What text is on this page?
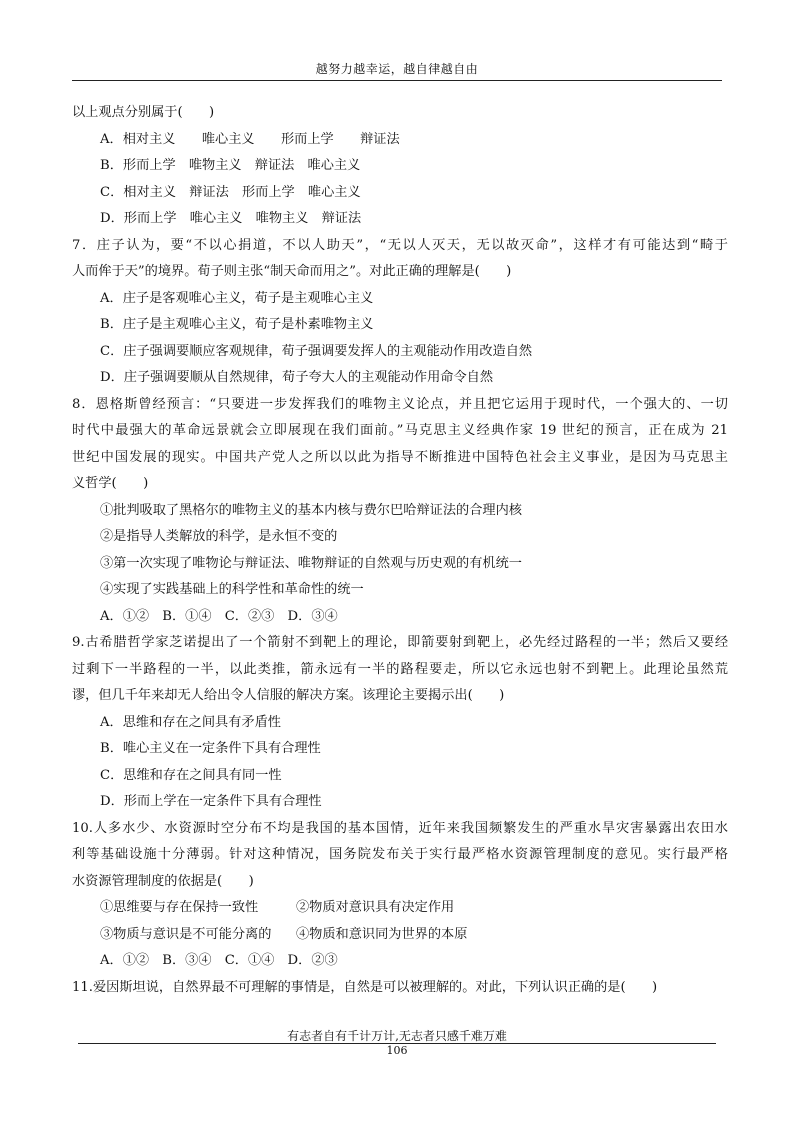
越努力越幸运，越自律越自由
以上观点分别属于(　　)
A．相对主义　　唯心主义　　形而上学　　辩证法
B．形而上学　唯物主义　辩证法　唯心主义
C．相对主义　辩证法　形而上学　唯心主义
D．形而上学　唯心主义　唯物主义　辩证法
7．庄子认为，要“不以心捐道，不以人助天”，“无以人灭天，无以故灭命”，这样才有可能达到“畸于
人而侔于天”的境界。荀子则主张“制天命而用之”。对此正确的理解是(　　)
A．庄子是客观唯心主义，荀子是主观唯心主义
B．庄子是主观唯心主义，荀子是朴素唯物主义
C．庄子强调要顺应客观规律，荀子强调要发挥人的主观能动作用改造自然
D．庄子强调要顺从自然规律，荀子夸大人的主观能动作用命令自然
8．恩格斯曾经预言：“只要进一步发挥我们的唯物主义论点，并且把它运用于现时代，一个强大的、一切
时代中最强大的革命远景就会立即展现在我们面前。”马克思主义经典作家 19 世纪的预言，正在成为 21
世纪中国发展的现实。中国共产党人之所以以此为指导不断推进中国特色社会主义事业，是因为马克思主
义哲学(　　)
①批判吸取了黑格尔的唯物主义的基本内核与费尔巴哈辩证法的合理内核
②是指导人类解放的科学，是永恒不变的
③第一次实现了唯物论与辩证法、唯物辩证的自然观与历史观的有机统一
④实现了实践基础上的科学性和革命性的统一
A．①②　B．①④　C．②③　D．③④
9.古希腊哲学家芝诺提出了一个箭射不到靶上的理论，即箭要射到靶上，必先经过路程的一半；然后又要经
过剩下一半路程的一半，以此类推，箭永远有一半的路程要走，所以它永远也射不到靶上。此理论虽然荒
谬，但几千年来却无人给出令人信服的解决方案。该理论主要揭示出(　　)
A．思维和存在之间具有矛盾性
B．唯心主义在一定条件下具有合理性
C．思维和存在之间具有同一性
D．形而上学在一定条件下具有合理性
10.人多水少、水资源时空分布不均是我国的基本国情，近年来我国频繁发生的严重水旱灾害暴露出农田水
利等基础设施十分薄弱。针对这种情况，国务院发布关于实行最严格水资源管理制度的意见。实行最严格
水资源管理制度的依据是(　　)
①思维要与存在保持一致性	②物质对意识具有决定作用
③物质与意识是不可能分离的 ④物质和意识同为世界的本原
A．①②　B．③④　C．①④　D．②③
11.爱因斯坦说，自然界最不可理解的事情是，自然是可以被理解的。对此，下列认识正确的是(　　)
有志者自有千计万计,无志者只感千难万难
106
